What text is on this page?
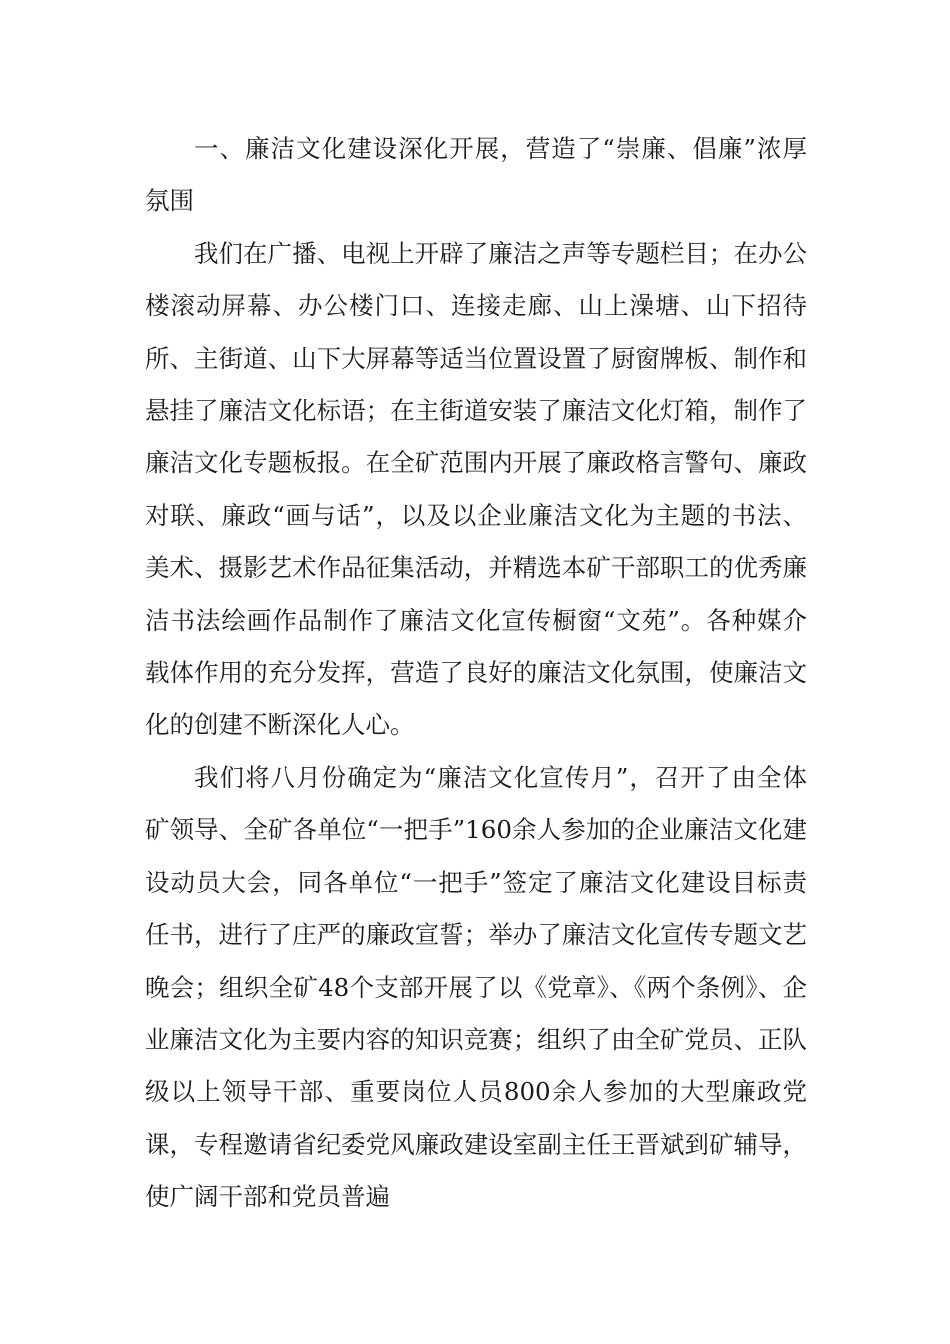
一、廉洁文化建设深化开展，营造了“崇廉、倡廉”浓厚氛围

我们在广播、电视上开辟了廉洁之声等专题栏目；在办公楼滚动屏幕、办公楼门口、连接走廊、山上澡塘、山下招待所、主街道、山下大屏幕等适当位置设置了厨窗牌板、制作和悬挂了廉洁文化标语；在主街道安装了廉洁文化灯箱，制作了廉洁文化专题板报。在全矿范围内开展了廉政格言警句、廉政对联、廉政“画与话”，以及以企业廉洁文化为主题的书法、美术、摄影艺术作品征集活动，并精选本矿干部职工的优秀廉洁书法绘画作品制作了廉洁文化宣传橱窗“文苑”。各种媒介载体作用的充分发挥，营造了良好的廉洁文化氛围，使廉洁文化的创建不断深化人心。

我们将八月份确定为“廉洁文化宣传月”，召开了由全体矿领导、全矿各单位“一把手”160余人参加的企业廉洁文化建设动员大会，同各单位“一把手”签定了廉洁文化建设目标责任书，进行了庄严的廉政宣誓；举办了廉洁文化宣传专题文艺晚会；组织全矿48个支部开展了以《党章》、《两个条例》、企业廉洁文化为主要内容的知识竞赛；组织了由全矿党员、正队级以上领导干部、重要岗位人员800余人参加的大型廉政党课，专程邀请省纪委党风廉政建设室副主任王晋斌到矿辅导，使广阔干部和党员普遍
